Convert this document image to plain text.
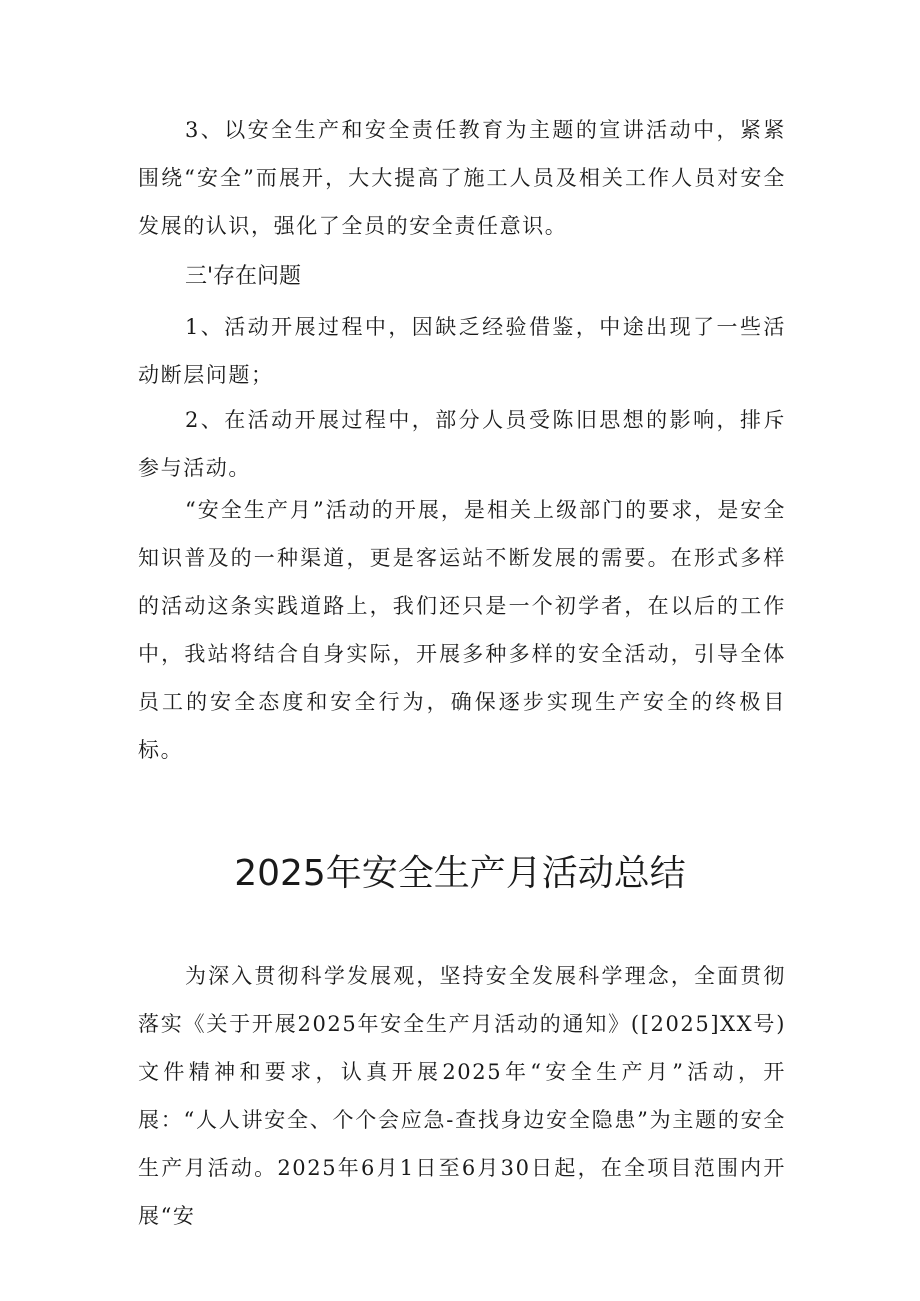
3、以安全生产和安全责任教育为主题的宣讲活动中，紧紧围绕“安全”而展开，大大提高了施工人员及相关工作人员对安全发展的认识，强化了全员的安全责任意识。

三'存在问题

1、活动开展过程中，因缺乏经验借鉴，中途出现了一些活动断层问题；

2、在活动开展过程中，部分人员受陈旧思想的影响，排斥参与活动。

“安全生产月”活动的开展，是相关上级部门的要求，是安全知识普及的一种渠道，更是客运站不断发展的需要。在形式多样的活动这条实践道路上，我们还只是一个初学者，在以后的工作中，我站将结合自身实际，开展多种多样的安全活动，引导全体员工的安全态度和安全行为，确保逐步实现生产安全的终极目标。

2025年安全生产月活动总结

为深入贯彻科学发展观，坚持安全发展科学理念，全面贯彻落实《关于开展2025年安全生产月活动的通知》([2025]XX号)文件精神和要求，认真开展2025年“安全生产月”活动，开展：“人人讲安全、个个会应急-查找身边安全隐患”为主题的安全生产月活动。2025年6月1日至6月30日起，在全项目范围内开展“安
